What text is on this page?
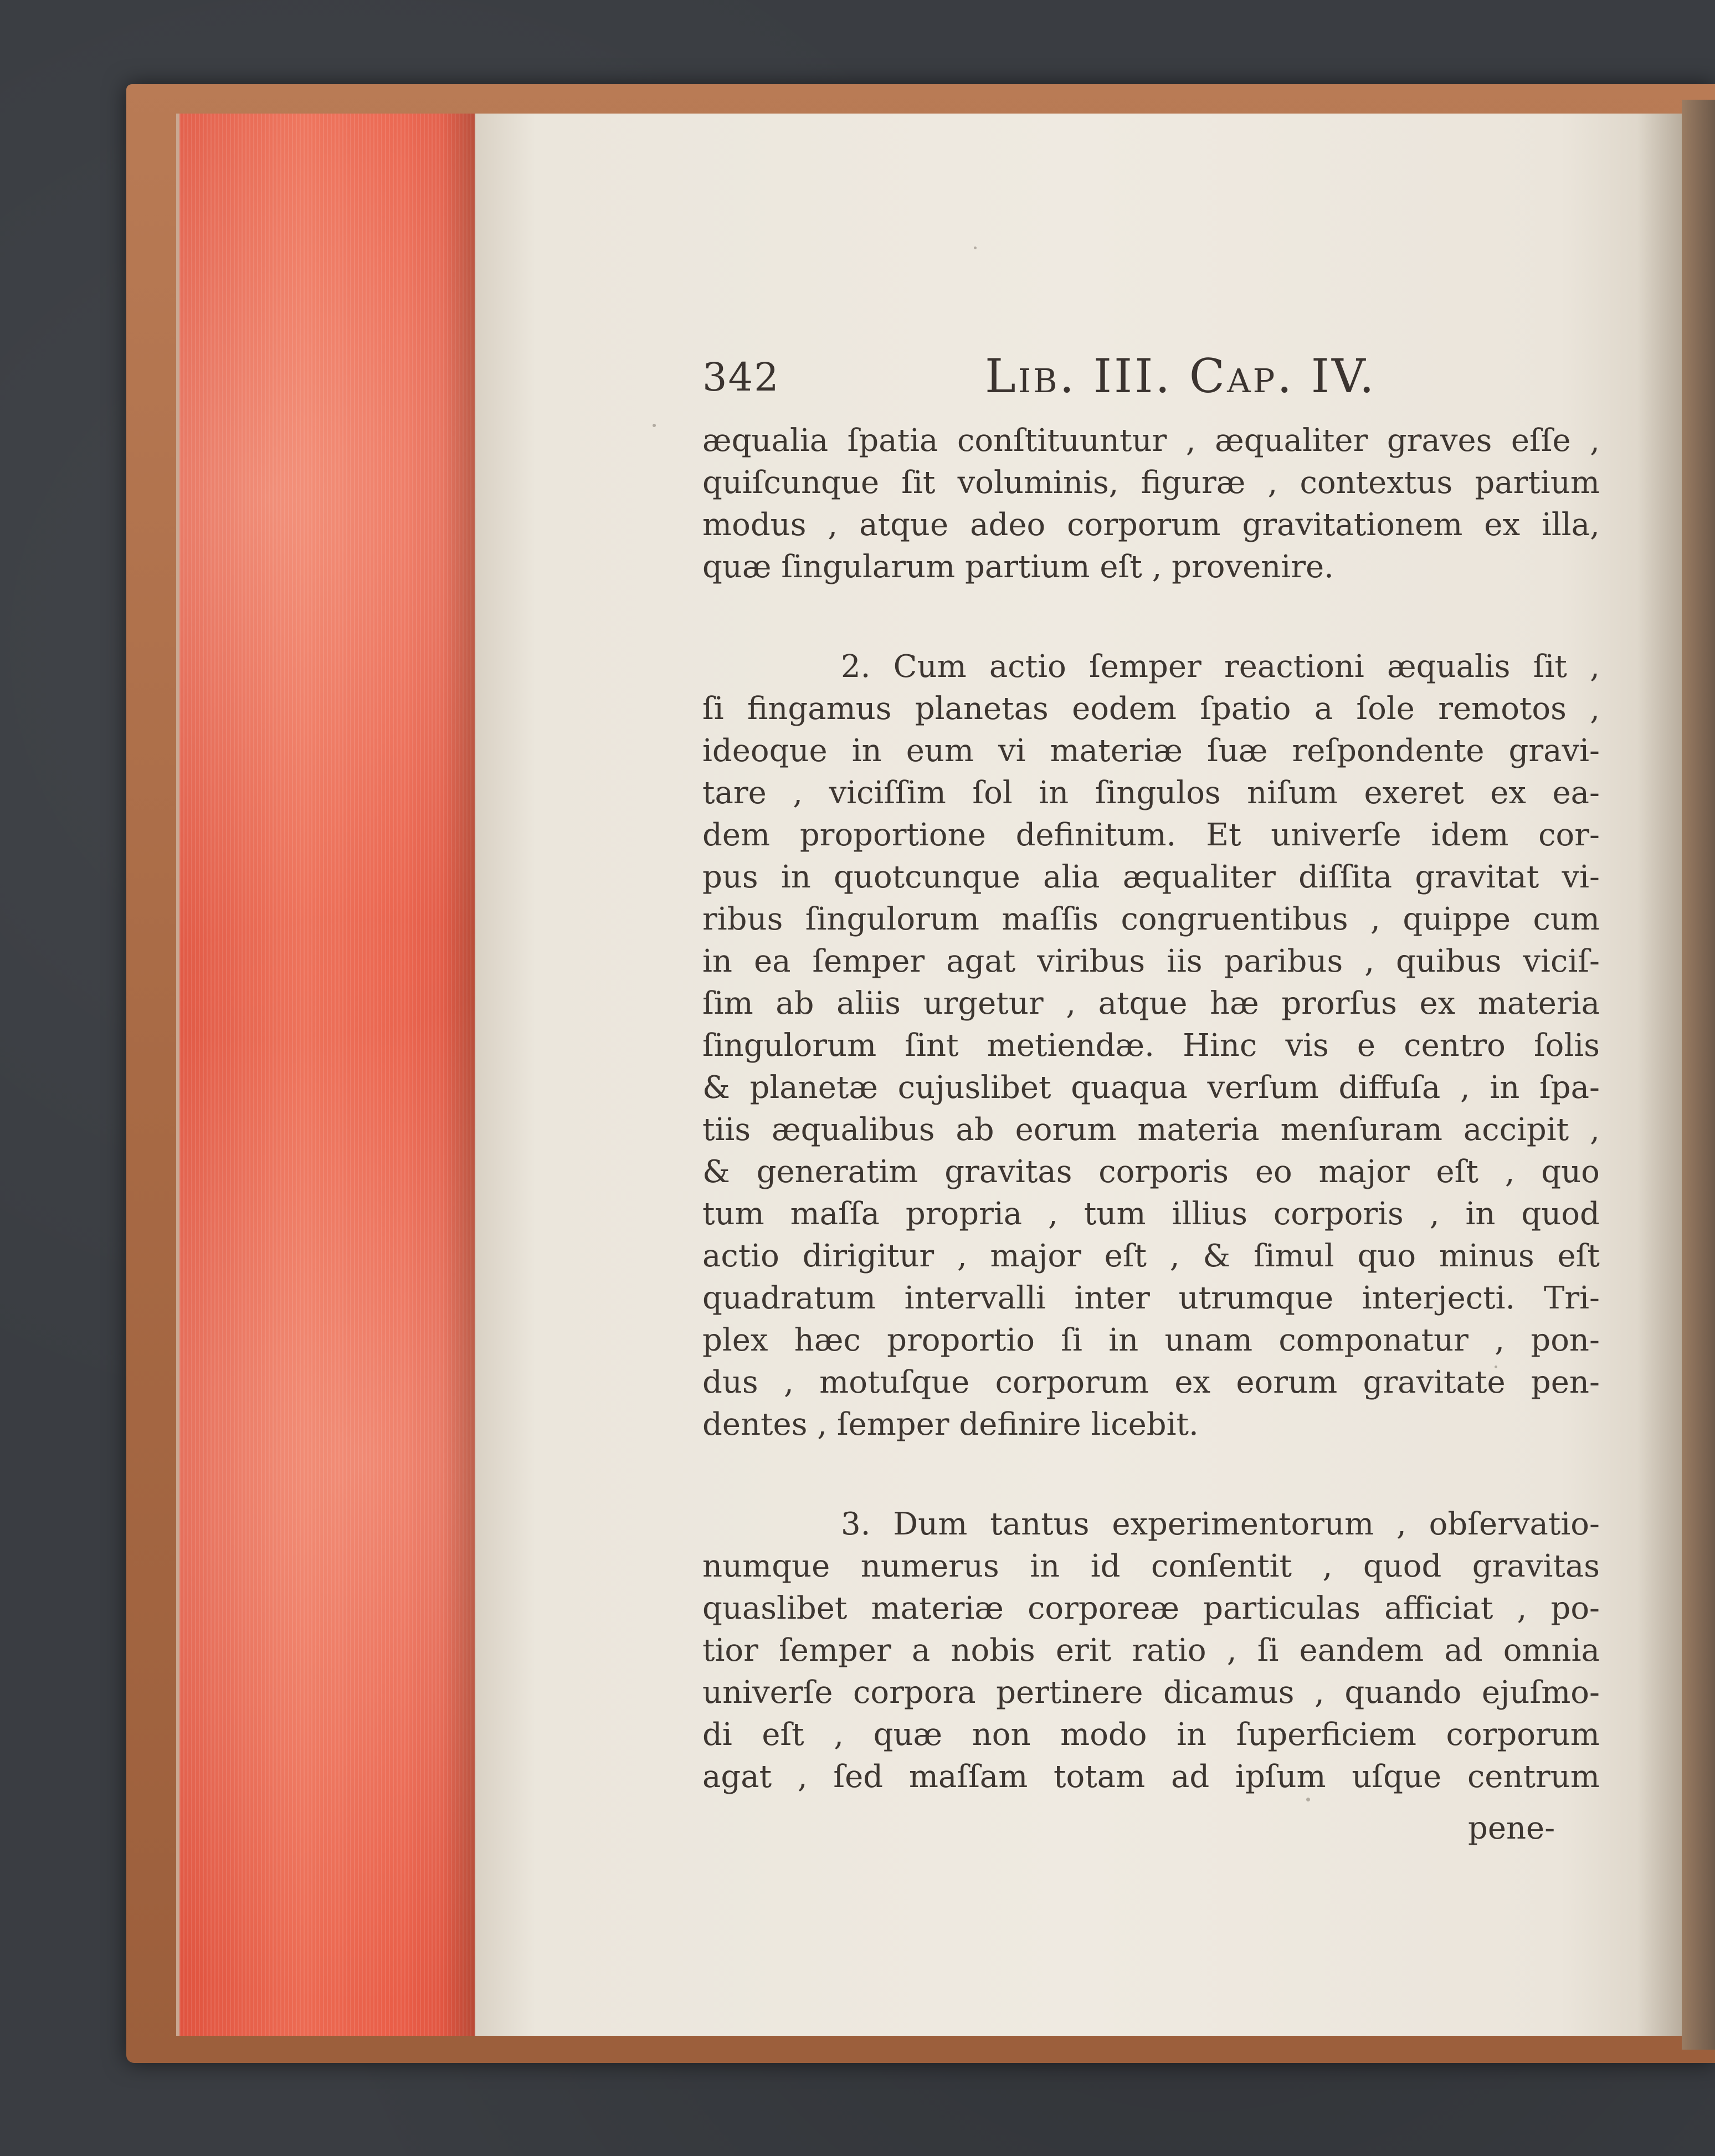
342	Lib. III. Cap. IV.
æqualia ſpatia conſtituuntur , æqualiter graves eſſe ,
quiſcunque ſit voluminis, figuræ , contextus partium
modus , atque adeo corporum gravitationem ex illa,
quæ ſingularum partium eſt , provenire.
2. Cum actio ſemper reactioni æqualis ſit ,
ſi fingamus planetas eodem ſpatio a ſole remotos ,
ideoque in eum vi materiæ ſuæ reſpondente gravi-
tare , viciſſim ſol in ſingulos niſum exeret ex ea-
dem proportione definitum. Et univerſe idem cor-
pus in quotcunque alia æqualiter diſſita gravitat vi-
ribus ſingulorum maſſis congruentibus , quippe cum
in ea ſemper agat viribus iis paribus , quibus viciſ-
ſim ab aliis urgetur , atque hæ prorſus ex materia
ſingulorum ſint metiendæ. Hinc vis e centro ſolis
& planetæ cujuslibet quaqua verſum diffuſa , in ſpa-
tiis æqualibus ab eorum materia menſuram accipit ,
& generatim gravitas corporis eo major eſt , quo
tum maſſa propria , tum illius corporis , in quod
actio dirigitur , major eſt , & ſimul quo minus eſt
quadratum intervalli inter utrumque interjecti. Tri-
plex hæc proportio ſi in unam componatur , pon-
dus , motuſque corporum ex eorum gravitate pen-
dentes , ſemper definire licebit.
3. Dum tantus experimentorum , obſervatio-
numque numerus in id conſentit , quod gravitas
quaslibet materiæ corporeæ particulas afficiat , po-
tior ſemper a nobis erit ratio , ſi eandem ad omnia
univerſe corpora pertinere dicamus , quando ejuſmo-
di eſt , quæ non modo in ſuperficiem corporum
agat , ſed maſſam totam ad ipſum uſque centrum
pene-
